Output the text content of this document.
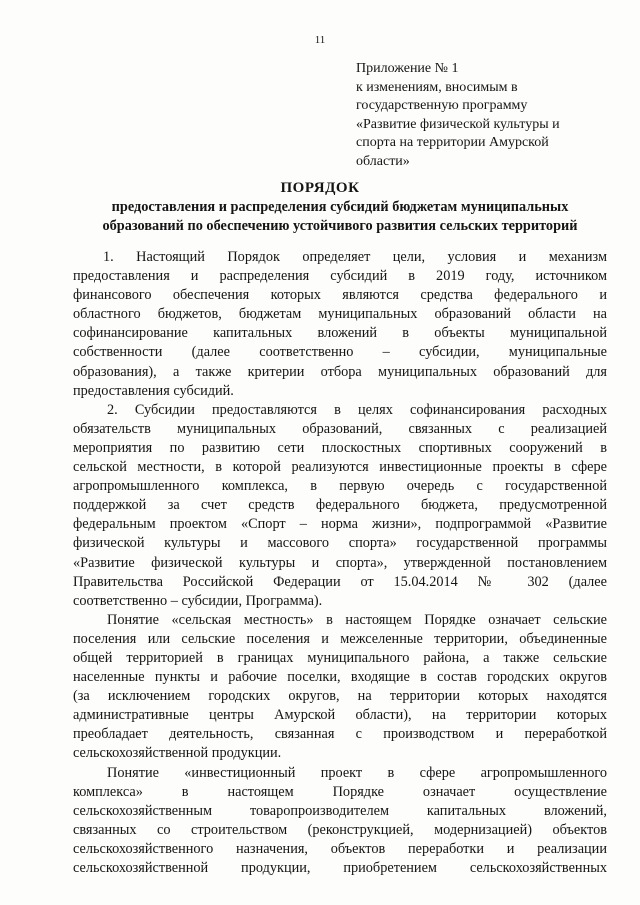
11
Приложение № 1
к изменениям, вносимым в
государственную программу
«Развитие физической культуры и
спорта на территории Амурской
области»
ПОРЯДОК
предоставления и распределения субсидий бюджетам муниципальных
образований по обеспечению устойчивого развития сельских территорий
1. Настоящий Порядок определяет цели, условия и механизм
предоставления и распределения субсидий в 2019 году, источником
финансового обеспечения которых являются средства федерального и
областного бюджетов, бюджетам муниципальных образований области на
софинансирование капитальных вложений в объекты муниципальной
собственности (далее соответственно – субсидии, муниципальные
образования), а также критерии отбора муниципальных образований для
предоставления субсидий.
2. Субсидии предоставляются в целях софинансирования расходных
обязательств муниципальных образований, связанных с реализацией
мероприятия по развитию сети плоскостных спортивных сооружений в
сельской местности, в которой реализуются инвестиционные проекты в сфере
агропромышленного комплекса, в первую очередь с государственной
поддержкой за счет средств федерального бюджета, предусмотренной
федеральным проектом «Спорт – норма жизни», подпрограммой «Развитие
физической культуры и массового спорта» государственной программы
«Развитие физической культуры и спорта», утвержденной постановлением
Правительства Российской Федерации от 15.04.2014 № 302 (далее
соответственно – субсидии, Программа).
Понятие «сельская местность» в настоящем Порядке означает сельские
поселения или сельские поселения и межселенные территории, объединенные
общей территорией в границах муниципального района, а также сельские
населенные пункты и рабочие поселки, входящие в состав городских округов
(за исключением городских округов, на территории которых находятся
административные центры Амурской области), на территории которых
преобладает деятельность, связанная с производством и переработкой
сельскохозяйственной продукции.
Понятие «инвестиционный проект в сфере агропромышленного
комплекса» в настоящем Порядке означает осуществление
сельскохозяйственным товаропроизводителем капитальных вложений,
связанных со строительством (реконструкцией, модернизацией) объектов
сельскохозяйственного назначения, объектов переработки и реализации
сельскохозяйственной продукции, приобретением сельскохозяйственных
